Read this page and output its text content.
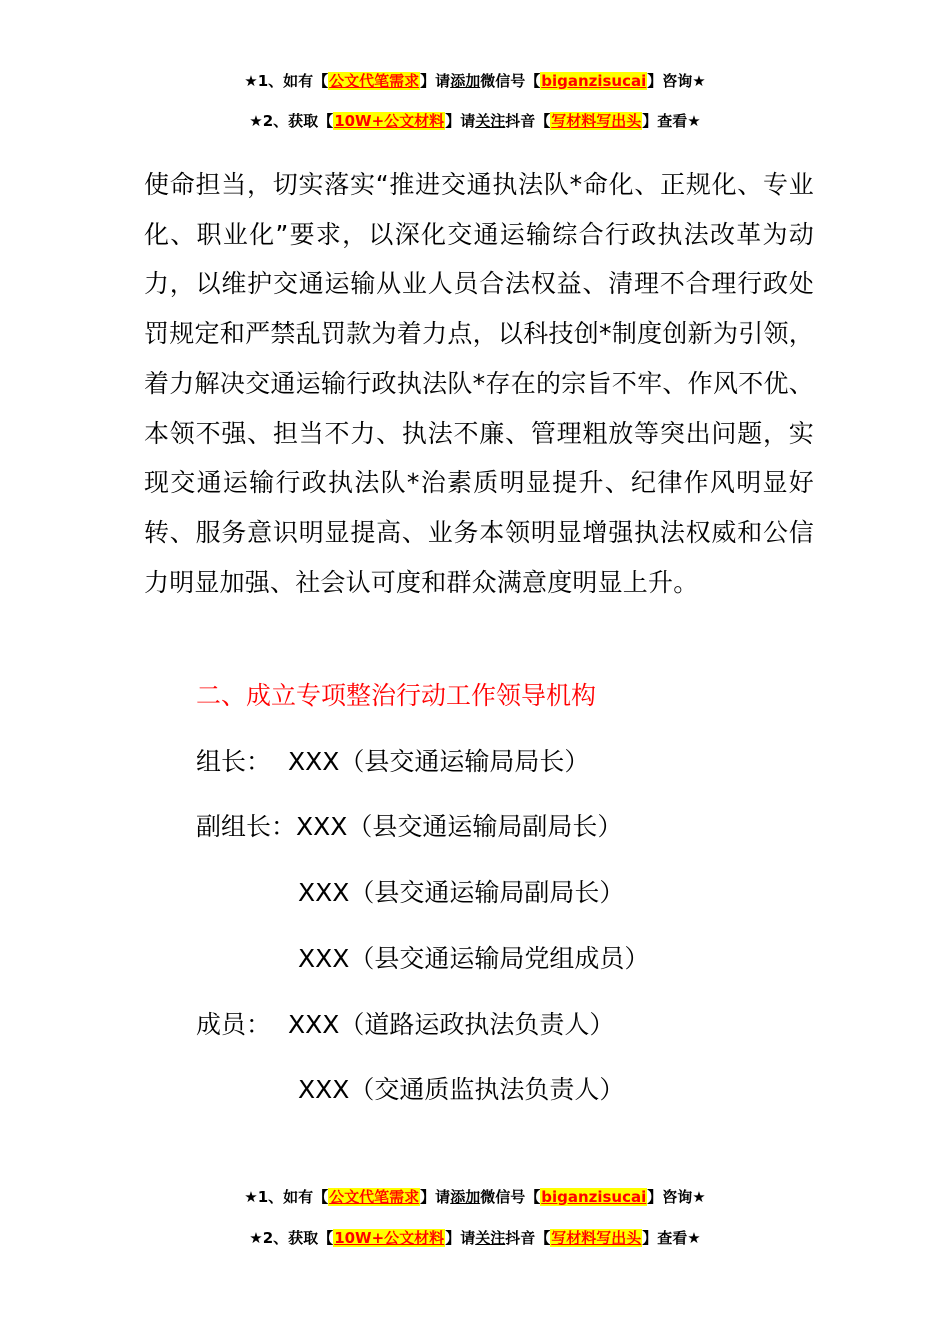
★1、如有【公文代笔需求】请添加微信号【biganzisucai】咨询★
★2、获取【10W+公文材料】请关注抖音【写材料写出头】查看★

使命担当，切实落实“推进交通执法队*命化、正规化、专业化、职业化”要求，以深化交通运输综合行政执法改革为动力，以维护交通运输从业人员合法权益、清理不合理行政处罚规定和严禁乱罚款为着力点，以科技创*制度创新为引领，着力解决交通运输行政执法队*存在的宗旨不牢、作风不优、本领不强、担当不力、执法不廉、管理粗放等突出问题，实现交通运输行政执法队*治素质明显提升、纪律作风明显好转、服务意识明显提高、业务本领明显增强执法权威和公信力明显加强、社会认可度和群众满意度明显上升。

二、成立专项整治行动工作领导机构
组长： XXX（县交通运输局局长）
副组长：XXX（县交通运输局副局长）
XXX（县交通运输局副局长）
XXX（县交通运输局党组成员）
成员： XXX（道路运政执法负责人）
XXX（交通质监执法负责人）
★1、如有【公文代笔需求】请添加微信号【biganzisucai】咨询★
★2、获取【10W+公文材料】请关注抖音【写材料写出头】查看★
